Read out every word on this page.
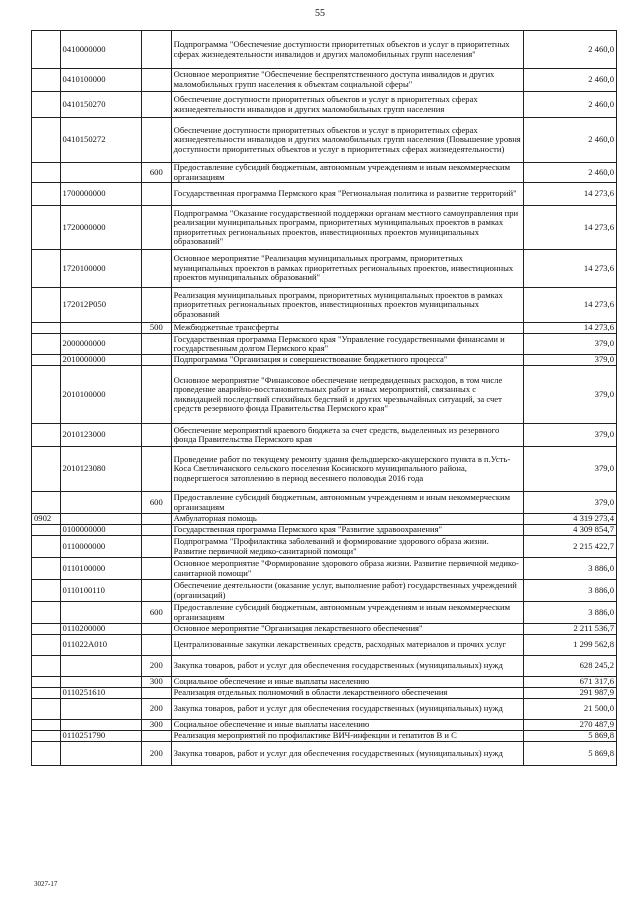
55
	0410000000		Подпрограмма "Обеспечение доступности приоритетных объектов и услуг в приоритетных сферах жизнедеятельности инвалидов и других маломобильных групп населения"	2 460,0
	0410100000		Основное мероприятие "Обеспечение беспрепятственного доступа инвалидов и других маломобильных групп населения к объектам социальной сферы"	2 460,0
	0410150270		Обеспечение доступности приоритетных объектов и услуг в приоритетных сферах жизнедеятельности инвалидов и других маломобильных групп населения	2 460,0
	0410150272		Обеспечение доступности приоритетных объектов и услуг в приоритетных сферах жизнедеятельности инвалидов и других маломобильных групп населения (Повышение уровня доступности приоритетных объектов и услуг в приоритетных сферах жизнедеятельности)	2 460,0
		600	Предоставление субсидий бюджетным, автономным учреждениям и иным некоммерческим организациям	2 460,0
	1700000000		Государственная программа Пермского края "Региональная политика и развитие территорий"	14 273,6
	1720000000		Подпрограмма "Оказание государственной поддержки органам местного самоуправления при реализации муниципальных программ, приоритетных муниципальных проектов в рамках приоритетных региональных проектов, инвестиционных проектов муниципальных образований"	14 273,6
	1720100000		Основное мероприятие "Реализация муниципальных программ, приоритетных муниципальных проектов в рамках приоритетных региональных проектов, инвестиционных проектов муниципальных образований"	14 273,6
	172012P050		Реализация муниципальных программ, приоритетных муниципальных проектов в рамках приоритетных региональных проектов, инвестиционных проектов муниципальных образований	14 273,6
		500	Межбюджетные трансферты	14 273,6
	2000000000		Государственная программа Пермского края "Управление государственными финансами и государственным долгом Пермского края"	379,0
	2010000000		Подпрограмма "Организация и совершенствование бюджетного процесса"	379,0
	2010100000		Основное мероприятие "Финансовое обеспечение непредвиденных расходов, в том числе проведение аварийно-восстановительных работ и иных мероприятий, связанных с ликвидацией последствий стихийных бедствий и других чрезвычайных ситуаций, за счет средств резервного фонда Правительства Пермского края"	379,0
	2010123000		Обеспечение мероприятий краевого бюджета за счет средств, выделенных из резервного фонда Правительства Пермского края	379,0
	2010123080		Проведение работ по текущему ремонту здания фельдшерско-акушерского пункта в п.Усть-Коса Светличанского сельского поселения Косинского муниципального района, подвергшегося затоплению в период весеннего половодья 2016 года	379,0
		600	Предоставление субсидий бюджетным, автономным учреждениям и иным некоммерческим организациям	379,0
0902			Амбулаторная помощь	4 319 273,4
	0100000000		Государственная программа Пермского края "Развитие здравоохранения"	4 309 854,7
	0110000000		Подпрограмма "Профилактика заболеваний и формирование здорового образа жизни. Развитие первичной медико-санитарной помощи"	2 215 422,7
	0110100000		Основное мероприятие "Формирование здорового образа жизни. Развитие первичной медико-санитарной помощи"	3 886,0
	0110100110		Обеспечение деятельности (оказание услуг, выполнение работ) государственных учреждений (организаций)	3 886,0
		600	Предоставление субсидий бюджетным, автономным учреждениям и иным некоммерческим организациям	3 886,0
	0110200000		Основное мероприятие "Организация лекарственного обеспечения"	2 211 536,7
	011022А010		Централизованные закупки лекарственных средств, расходных материалов и прочих услуг	1 299 562,8
		200	Закупка товаров, работ и услуг для обеспечения государственных (муниципальных) нужд	628 245,2
		300	Социальное обеспечение и иные выплаты населению	671 317,6
	0110251610		Реализация отдельных полномочий в области лекарственного обеспечения	291 987,9
		200	Закупка товаров, работ и услуг для обеспечения государственных (муниципальных) нужд	21 500,0
		300	Социальное обеспечение и иные выплаты населению	270 487,9
	0110251790		Реализация мероприятий по профилактике ВИЧ-инфекции и гепатитов B и C	5 869,8
		200	Закупка товаров, работ и услуг для обеспечения государственных (муниципальных) нужд	5 869,8
3027-17
